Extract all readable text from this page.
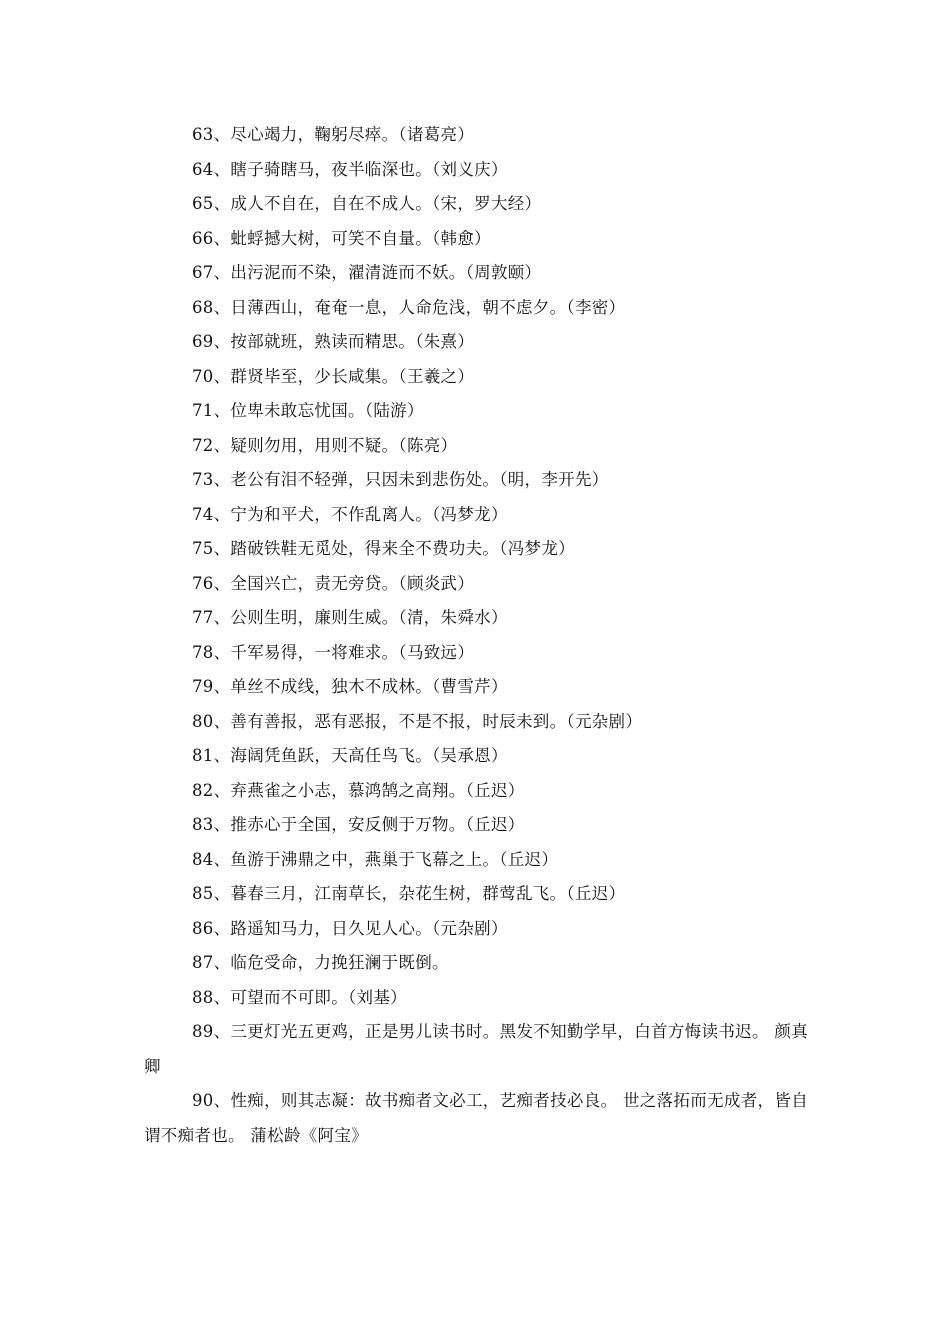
63、尽心竭力，鞠躬尽瘁。（诸葛亮）
64、瞎子骑瞎马，夜半临深也。（刘义庆）
65、成人不自在，自在不成人。（宋，罗大经）
66、蚍蜉撼大树，可笑不自量。（韩愈）
67、出污泥而不染，濯清涟而不妖。（周敦颐）
68、日薄西山，奄奄一息，人命危浅，朝不虑夕。（李密）
69、按部就班，熟读而精思。（朱熹）
70、群贤毕至，少长咸集。（王羲之）
71、位卑未敢忘忧国。（陆游）
72、疑则勿用，用则不疑。（陈亮）
73、老公有泪不轻弹，只因未到悲伤处。（明，李开先）
74、宁为和平犬，不作乱离人。（冯梦龙）
75、踏破铁鞋无觅处，得来全不费功夫。（冯梦龙）
76、全国兴亡，责无旁贷。（顾炎武）
77、公则生明，廉则生威。（清，朱舜水）
78、千军易得，一将难求。（马致远）
79、单丝不成线，独木不成林。（曹雪芹）
80、善有善报，恶有恶报，不是不报，时辰未到。（元杂剧）
81、海阔凭鱼跃，天高任鸟飞。（吴承恩）
82、弃燕雀之小志，慕鸿鹄之高翔。（丘迟）
83、推赤心于全国，安反侧于万物。（丘迟）
84、鱼游于沸鼎之中，燕巢于飞幕之上。（丘迟）
85、暮春三月，江南草长，杂花生树，群莺乱飞。（丘迟）
86、路遥知马力，日久见人心。（元杂剧）
87、临危受命，力挽狂澜于既倒。
88、可望而不可即。（刘基）
89、三更灯光五更鸡，正是男儿读书时。黑发不知勤学早，白首方悔读书迟。 颜真卿
90、性痴，则其志凝：故书痴者文必工，艺痴者技必良。 世之落拓而无成者，皆自谓不痴者也。 蒲松龄《阿宝》
